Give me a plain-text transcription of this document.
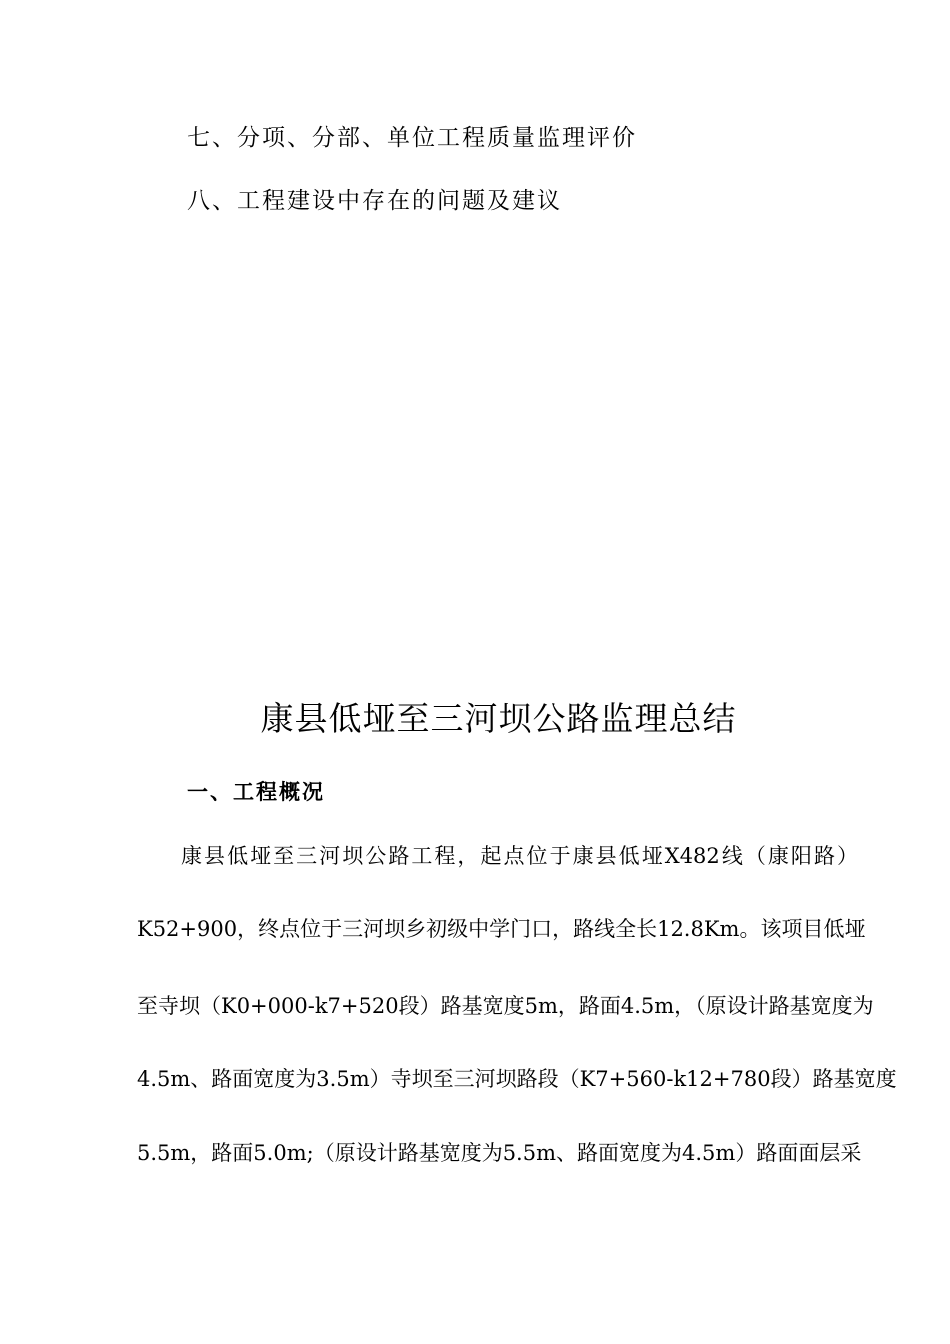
七、分项、分部、单位工程质量监理评价
八、工程建设中存在的问题及建议
康县低垭至三河坝公路监理总结
一、工程概况
康县低垭至三河坝公路工程，起点位于康县低垭X482线（康阳路）
K52+900，终点位于三河坝乡初级中学门口，路线全长12.8Km。该项目低垭
至寺坝（K0+000-k7+520段）路基宽度5m，路面4.5m，（原设计路基宽度为
4.5m、路面宽度为3.5m）寺坝至三河坝路段（K7+560-k12+780段）路基宽度
5.5m，路面5.0m;（原设计路基宽度为5.5m、路面宽度为4.5m）路面面层采
